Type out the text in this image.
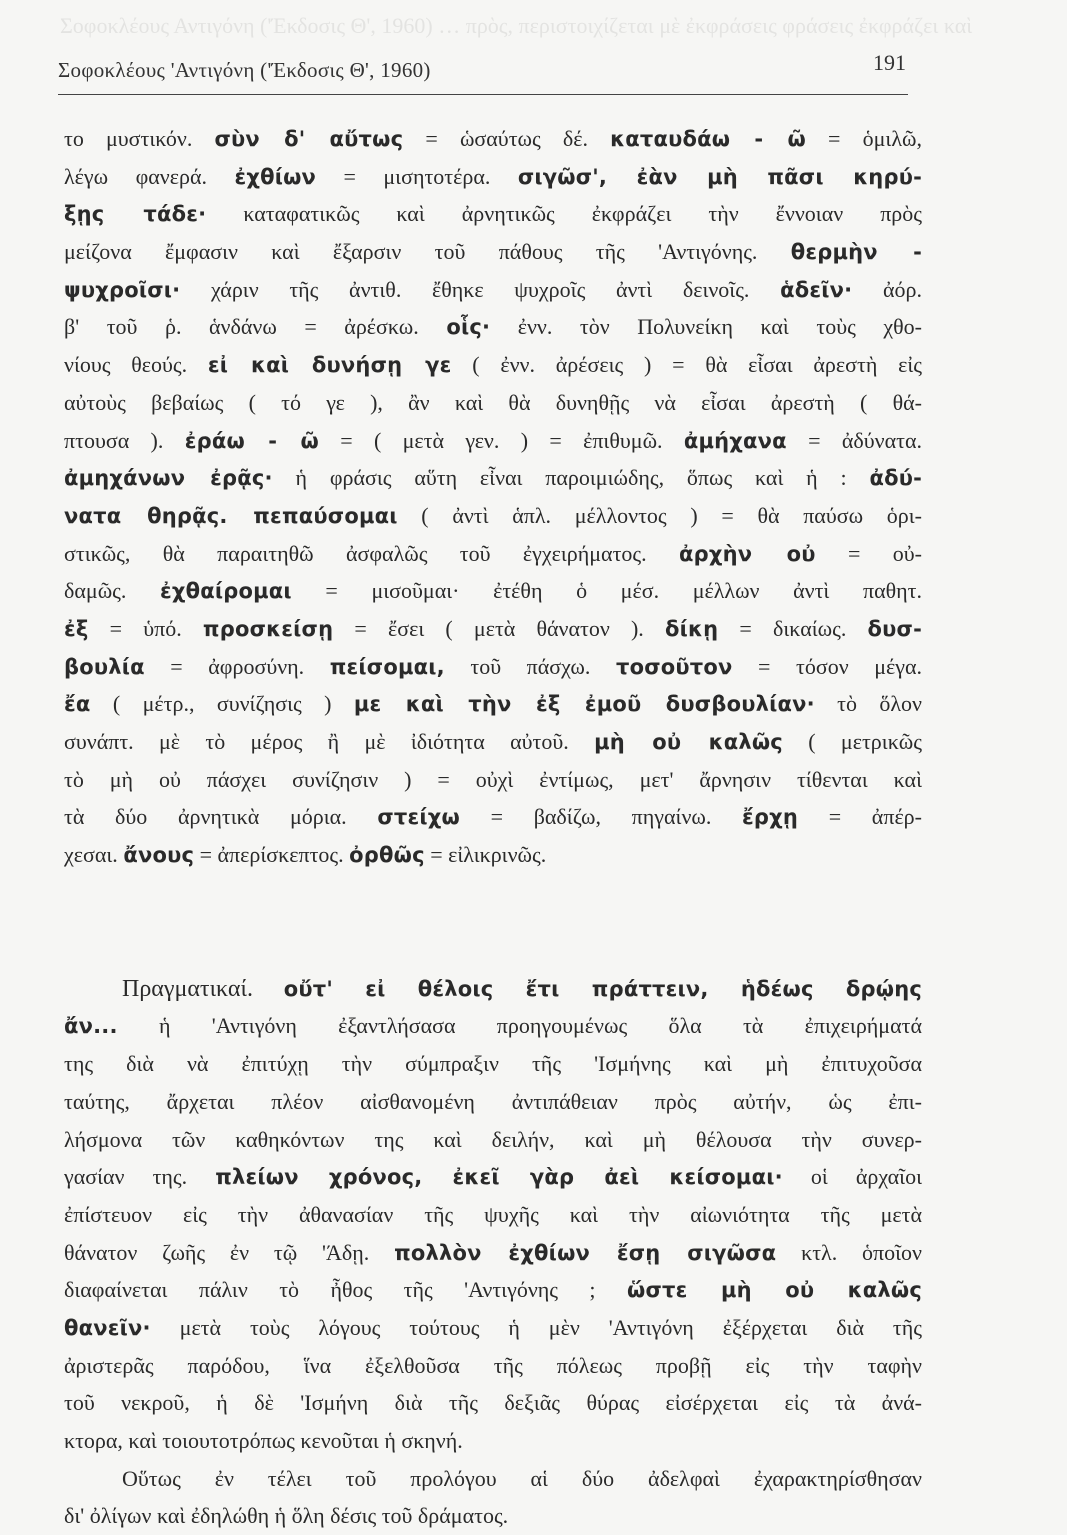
Σοφοκλέους Αντιγόνη ('Έκδοσις Θ', 1960) … πρὸς, περιστοιχίζεται μὲ ἐκφράσεις φράσεις ἐκφράζει καὶ
Σοφοκλέους 'Αντιγόνη ('Έκδοσις Θ', 1960)	191
το μυστικόν. σὺν δ' αὔτως = ὡσαύτως δέ. καταυδάω - ῶ = ὁμιλῶ,
λέγω φανερά. ἐχθίων = μισητοτέρα. σιγῶσ', ἐὰν μὴ πᾶσι κηρύ-
ξῃς τάδε· καταφατικῶς καὶ ἀρνητικῶς ἐκφράζει τὴν ἔννοιαν πρὸς
μείζονα ἔμφασιν καὶ ἔξαρσιν τοῦ πάθους τῆς 'Αντιγόνης. θερμὴν -
ψυχροῖσι· χάριν τῆς ἀντιθ. ἔθηκε ψυχροῖς ἀντὶ δεινοῖς. ἁδεῖν· ἀόρ.
β' τοῦ ῥ. ἁνδάνω = ἀρέσκω. οἷς· ἐνν. τὸν Πολυνείκη καὶ τοὺς χθο-
νίους θεούς. εἰ καὶ δυνήσῃ γε ( ἐνν. ἀρέσεις ) = θὰ εἶσαι ἀρεστὴ εἰς
αὐτοὺς βεβαίως ( τό γε ), ἂν καὶ θὰ δυνηθῇς νὰ εἶσαι ἀρεστὴ ( θά-
πτουσα ). ἐράω - ῶ = ( μετὰ γεν. ) = ἐπιθυμῶ. ἀμήχανα = ἀδύνατα.
ἀμηχάνων ἐρᾷς· ἡ φράσις αὕτη εἶναι παροιμιώδης, ὅπως καὶ ἡ : ἀδύ-
νατα θηρᾷς. πεπαύσομαι ( ἀντὶ ἁπλ. μέλλοντος ) = θὰ παύσω ὁρι-
στικῶς, θὰ παραιτηθῶ ἀσφαλῶς τοῦ ἐγχειρήματος. ἀρχὴν οὐ = οὐ-
δαμῶς. ἐχθαίρομαι = μισοῦμαι· ἐτέθη ὁ μέσ. μέλλων ἀντὶ παθητ.
ἐξ = ὑπό. προσκείσῃ = ἔσει ( μετὰ θάνατον ). δίκῃ = δικαίως. δυσ-
βουλία = ἀφροσύνη. πείσομαι, τοῦ πάσχω. τοσοῦτον = τόσον μέγα.
ἔα ( μέτρ., συνίζησις ) με καὶ τὴν ἐξ ἐμοῦ δυσβουλίαν· τὸ ὅλον
συνάπτ. μὲ τὸ μέρος ἢ μὲ ἰδιότητα αὐτοῦ. μὴ οὐ καλῶς ( μετρικῶς
τὸ μὴ οὐ πάσχει συνίζησιν ) = οὐχὶ ἐντίμως, μετ' ἄρνησιν τίθενται καὶ
τὰ δύο ἀρνητικὰ μόρια. στείχω = βαδίζω, πηγαίνω. ἔρχῃ = ἀπέρ-
χεσαι. ἄνους = ἀπερίσκεπτος. ὀρθῶς = εἰλικρινῶς.
Πραγματικαί. οὔτ' εἰ θέλοις ἔτι πράττειν, ἡδέως δρῴης
ἄν... ἡ 'Αντιγόνη ἐξαντλήσασα προηγουμένως ὅλα τὰ ἐπιχειρήματά
της διὰ νὰ ἐπιτύχῃ τὴν σύμπραξιν τῆς 'Ισμήνης καὶ μὴ ἐπιτυχοῦσα
ταύτης, ἄρχεται πλέον αἰσθανομένη ἀντιπάθειαν πρὸς αὐτήν, ὡς ἐπι-
λήσμονα τῶν καθηκόντων της καὶ δειλήν, καὶ μὴ θέλουσα τὴν συνερ-
γασίαν της. πλείων χρόνος, ἐκεῖ γὰρ ἀεὶ κείσομαι· οἱ ἀρχαῖοι
ἐπίστευον εἰς τὴν ἀθανασίαν τῆς ψυχῆς καὶ τὴν αἰωνιότητα τῆς μετὰ
θάνατον ζωῆς ἐν τῷ 'Άδῃ. πολλὸν ἐχθίων ἔσῃ σιγῶσα κτλ. ὁποῖον
διαφαίνεται πάλιν τὸ ἦθος τῆς 'Αντιγόνης ; ὥστε μὴ οὐ καλῶς
θανεῖν· μετὰ τοὺς λόγους τούτους ἡ μὲν 'Αντιγόνη ἐξέρχεται διὰ τῆς
ἀριστερᾶς παρόδου, ἵνα ἐξελθοῦσα τῆς πόλεως προβῇ εἰς τὴν ταφὴν
τοῦ νεκροῦ, ἡ δὲ 'Ισμήνη διὰ τῆς δεξιᾶς θύρας εἰσέρχεται εἰς τὰ ἀνά-
κτορα, καὶ τοιουτοτρόπως κενοῦται ἡ σκηνή.
Οὕτως ἐν τέλει τοῦ προλόγου αἱ δύο ἀδελφαὶ ἐχαρακτηρίσθησαν
δι' ὀλίγων καὶ ἐδηλώθη ἡ ὅλη δέσις τοῦ δράματος.
